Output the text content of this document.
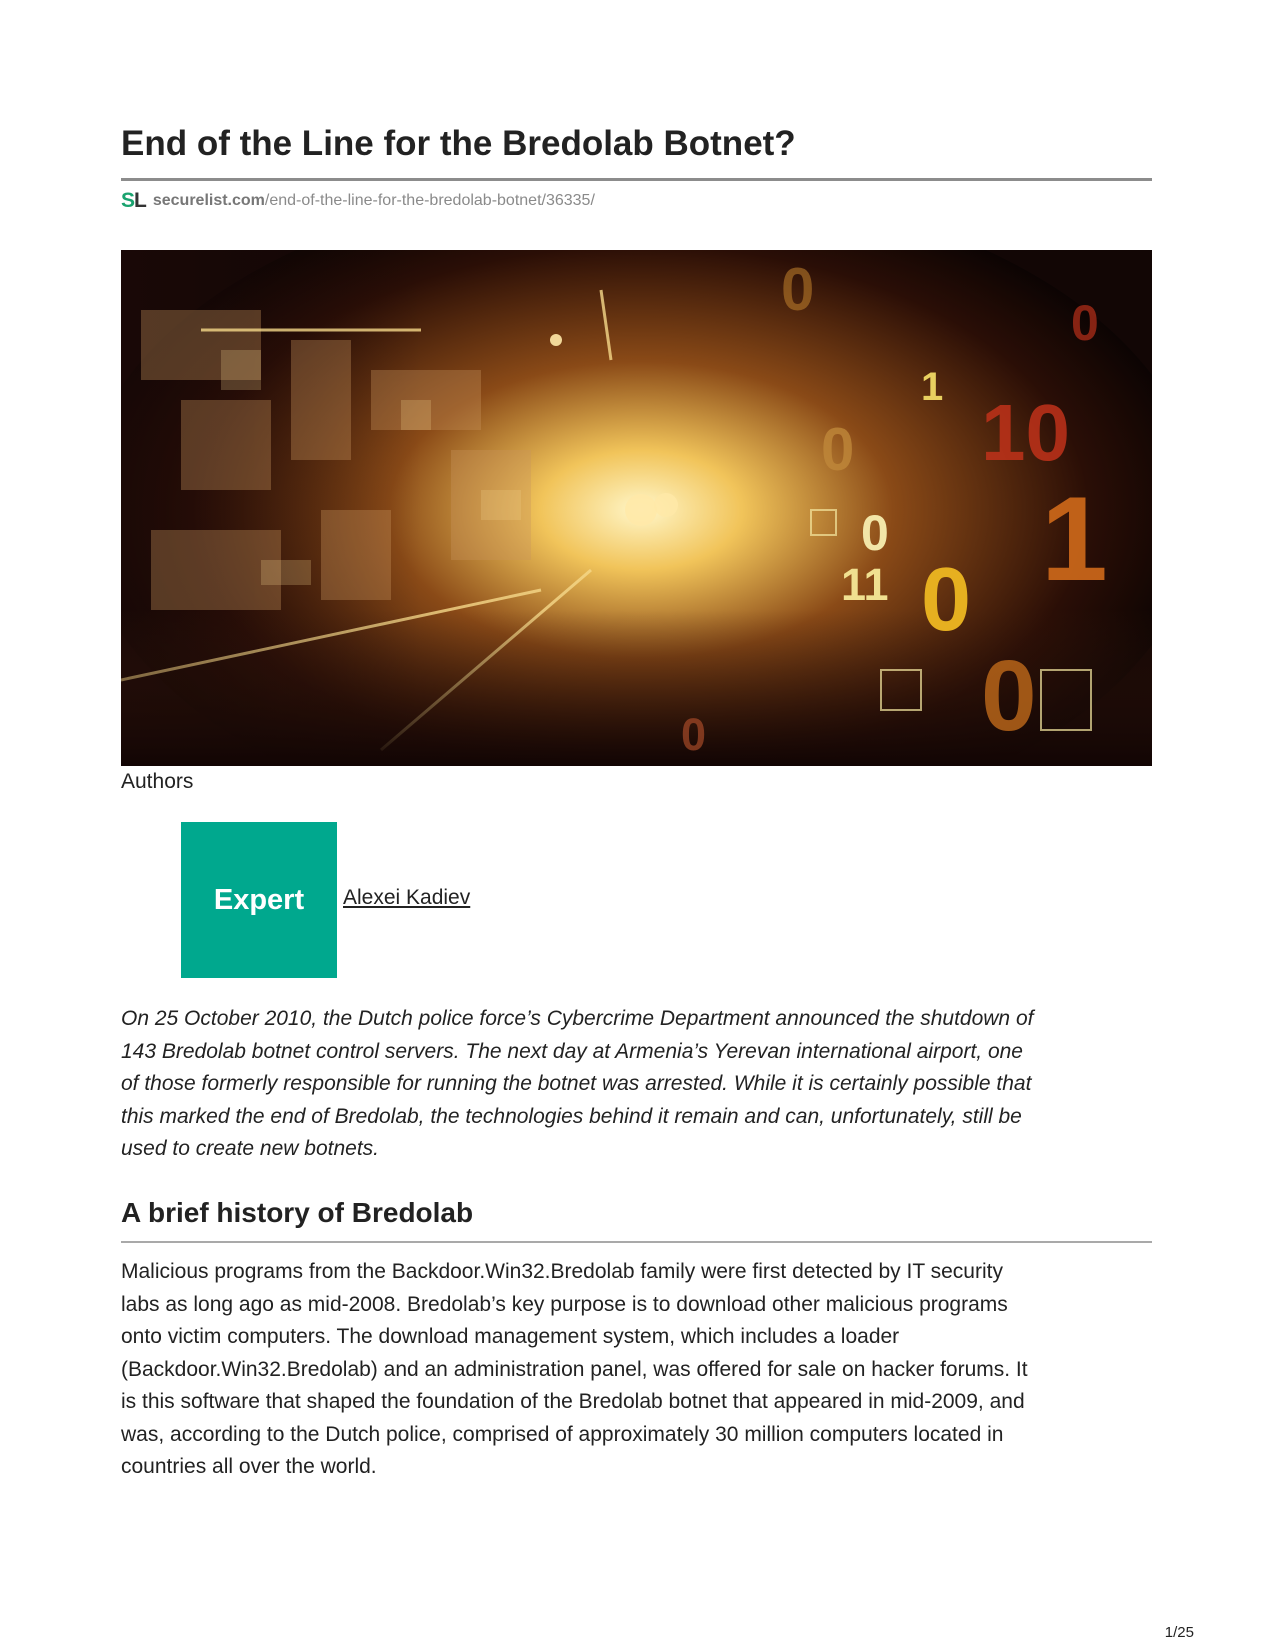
End of the Line for the Bredolab Botnet?
SL securelist.com /end-of-the-line-for-the-bredolab-botnet/36335/
0
1
10
1
0
0
11
0
0
0
0
Authors
Expert Alexei Kadiev

On 25 October 2010, the Dutch police force’s Cybercrime Department announced the shutdown of
143 Bredolab botnet control servers. The next day at Armenia’s Yerevan international airport, one
of those formerly responsible for running the botnet was arrested. While it is certainly possible that
this marked the end of Bredolab, the technologies behind it remain and can, unfortunately, still be
used to create new botnets.

A brief history of Bredolab

Malicious programs from the Backdoor.Win32.Bredolab family were first detected by IT security
labs as long ago as mid-2008. Bredolab’s key purpose is to download other malicious programs
onto victim computers. The download management system, which includes a loader
(Backdoor.Win32.Bredolab) and an administration panel, was offered for sale on hacker forums. It
is this software that shaped the foundation of the Bredolab botnet that appeared in mid-2009, and
was, according to the Dutch police, comprised of approximately 30 million computers located in
countries all over the world.

1/25
